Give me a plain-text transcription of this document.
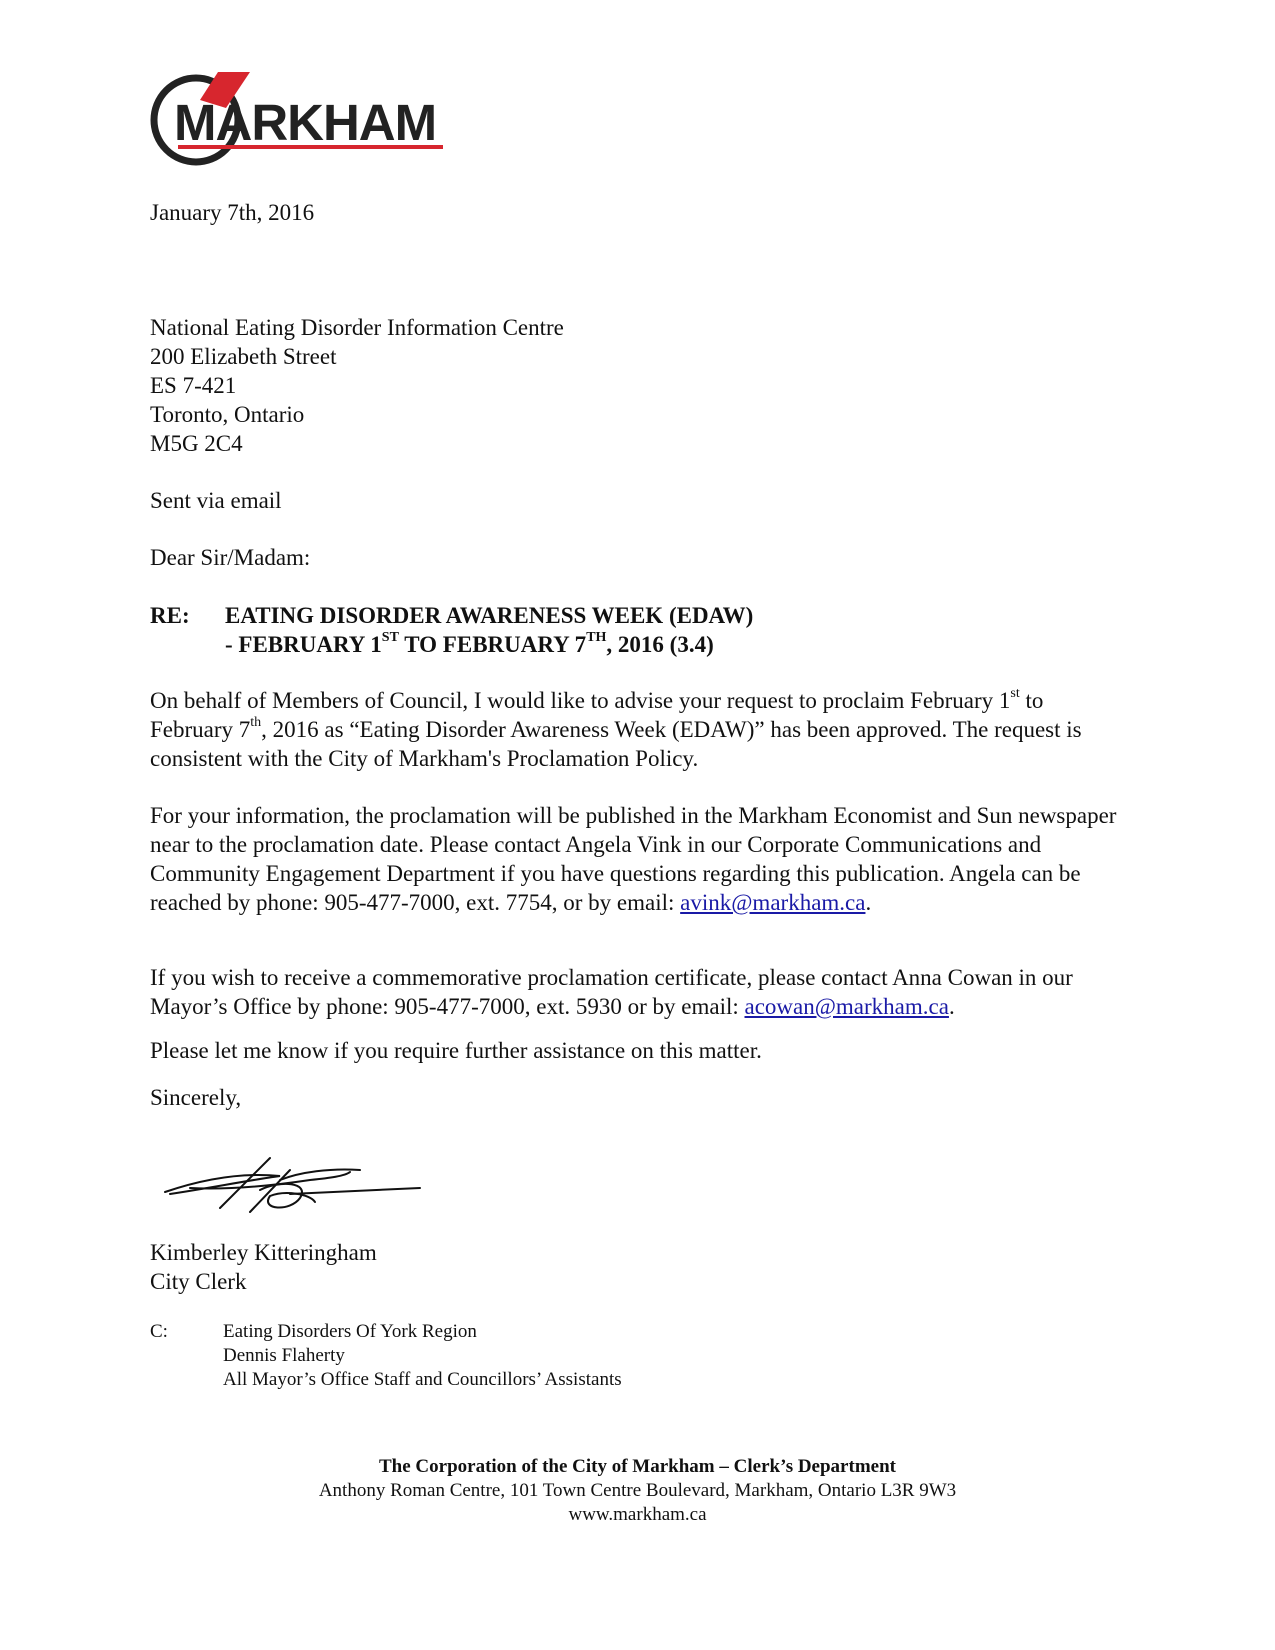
MARKHAM
January 7th, 2016
National Eating Disorder Information Centre
200 Elizabeth Street
ES 7-421
Toronto, Ontario
M5G 2C4
Sent via email
Dear Sir/Madam:
RE: EATING DISORDER AWARENESS WEEK (EDAW)
- FEBRUARY 1ST TO FEBRUARY 7TH, 2016 (3.4)
On behalf of Members of Council, I would like to advise your request to proclaim February 1st to February 7th, 2016 as “Eating Disorder Awareness Week (EDAW)” has been approved. The request is consistent with the City of Markham's Proclamation Policy.
For your information, the proclamation will be published in the Markham Economist and Sun newspaper near to the proclamation date. Please contact Angela Vink in our Corporate Communications and Community Engagement Department if you have questions regarding this publication. Angela can be reached by phone: 905-477-7000, ext. 7754, or by email: avink@markham.ca.
If you wish to receive a commemorative proclamation certificate, please contact Anna Cowan in our Mayor’s Office by phone: 905-477-7000, ext. 5930 or by email: acowan@markham.ca.
Please let me know if you require further assistance on this matter.
Sincerely,
Kimberley Kitteringham
City Clerk
C:	Eating Disorders Of York Region
Dennis Flaherty
All Mayor’s Office Staff and Councillors’ Assistants
The Corporation of the City of Markham – Clerk’s Department
Anthony Roman Centre, 101 Town Centre Boulevard, Markham, Ontario L3R 9W3
www.markham.ca
